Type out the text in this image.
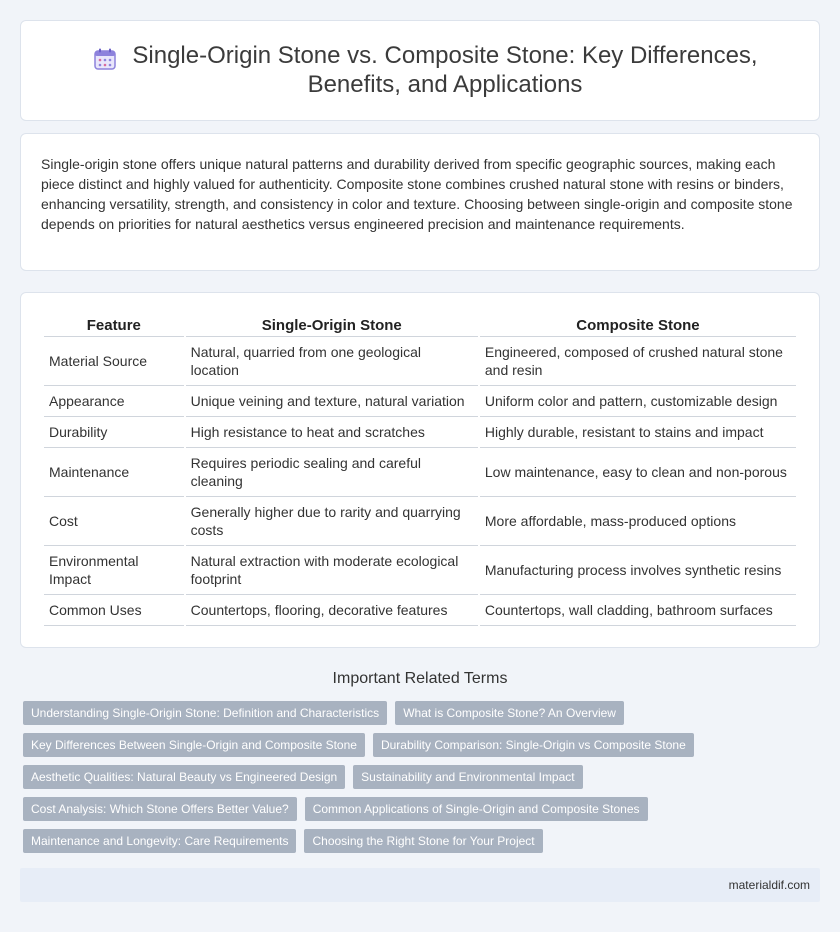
Single-Origin Stone vs. Composite Stone: Key Differences, Benefits, and Applications

Single-origin stone offers unique natural patterns and durability derived from specific geographic sources, making each piece distinct and highly valued for authenticity. Composite stone combines crushed natural stone with resins or binders, enhancing versatility, strength, and consistency in color and texture. Choosing between single-origin and composite stone depends on priorities for natural aesthetics versus engineered precision and maintenance requirements.

Feature	Single-Origin Stone	Composite Stone
Material Source	Natural, quarried from one geological location	Engineered, composed of crushed natural stone and resin
Appearance	Unique veining and texture, natural variation	Uniform color and pattern, customizable design
Durability	High resistance to heat and scratches	Highly durable, resistant to stains and impact
Maintenance	Requires periodic sealing and careful cleaning	Low maintenance, easy to clean and non-porous
Cost	Generally higher due to rarity and quarrying costs	More affordable, mass-produced options
Environmental Impact	Natural extraction with moderate ecological footprint	Manufacturing process involves synthetic resins
Common Uses	Countertops, flooring, decorative features	Countertops, wall cladding, bathroom surfaces
Important Related Terms
Understanding Single-Origin Stone: Definition and Characteristics	What is Composite Stone? An Overview
Key Differences Between Single-Origin and Composite Stone	Durability Comparison: Single-Origin vs Composite Stone
Aesthetic Qualities: Natural Beauty vs Engineered Design	Sustainability and Environmental Impact
Cost Analysis: Which Stone Offers Better Value?	Common Applications of Single-Origin and Composite Stones
Maintenance and Longevity: Care Requirements	Choosing the Right Stone for Your Project
materialdif.com
